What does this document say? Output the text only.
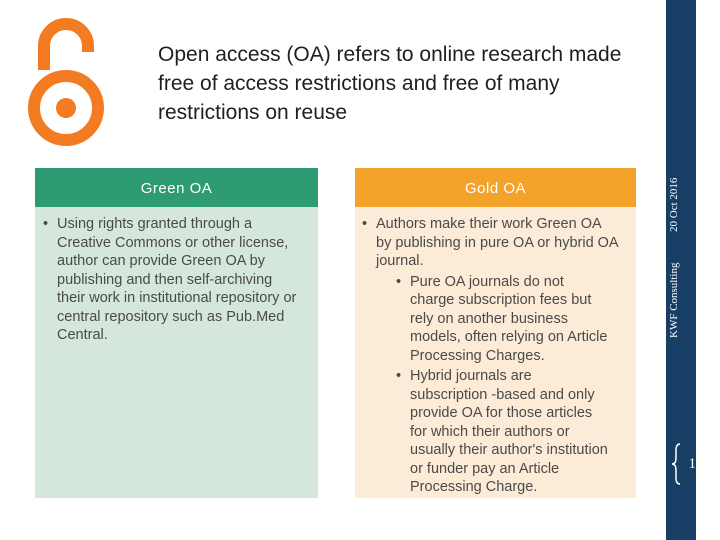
Open access (OA) refers to online research made free of access restrictions and free of many restrictions on reuse
KWF Consulting
20 Oct 2016
14
Green OA
• Using rights granted through a Creative Commons or other license, author can provide Green OA by publishing and then self-archiving their work in institutional repository or central repository such as Pub.Med Central.
Gold OA
• Authors make their work Green OA by publishing in pure OA or hybrid OA journal.
• Pure OA journals do not charge subscription fees but rely on another business models, often relying on Article Processing Charges.
• Hybrid journals are subscription -based and only provide OA for those articles for which their authors or usually their author's institution or funder pay an Article Processing Charge.
